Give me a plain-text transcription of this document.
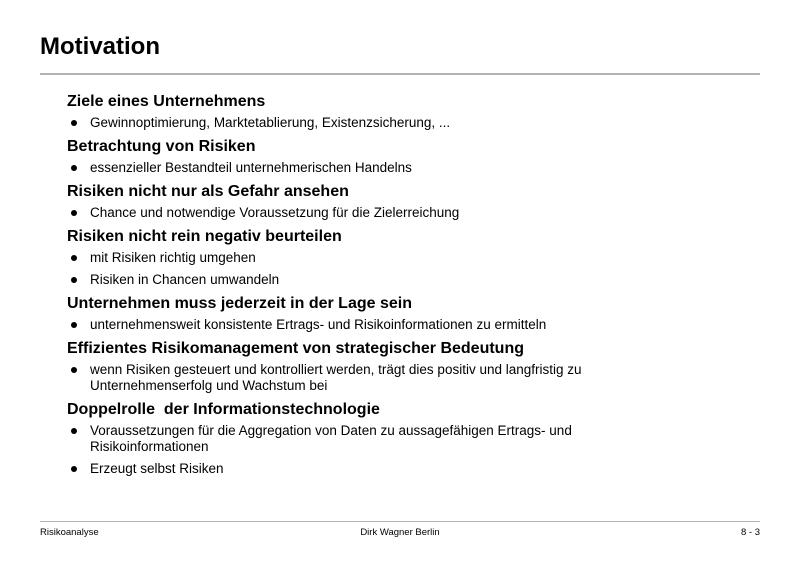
Motivation
Ziele eines Unternehmens
Gewinnoptimierung, Marktetablierung, Existenzsicherung, ...
Betrachtung von Risiken
essenzieller Bestandteil unternehmerischen Handelns
Risiken nicht nur als Gefahr ansehen
Chance und notwendige Voraussetzung für die Zielerreichung
Risiken nicht rein negativ beurteilen
mit Risiken richtig umgehen
Risiken in Chancen umwandeln
Unternehmen muss jederzeit in der Lage sein
unternehmensweit konsistente Ertrags- und Risikoinformationen zu ermitteln
Effizientes Risikomanagement von strategischer Bedeutung
wenn Risiken gesteuert und kontrolliert werden, trägt dies positiv und langfristig zu Unternehmenserfolg und Wachstum bei
Doppelrolle  der Informationstechnologie
Voraussetzungen für die Aggregation von Daten zu aussagefähigen Ertrags- und Risikoinformationen
Erzeugt selbst Risiken
Risikoanalyse	Dirk Wagner Berlin	8 - 3
